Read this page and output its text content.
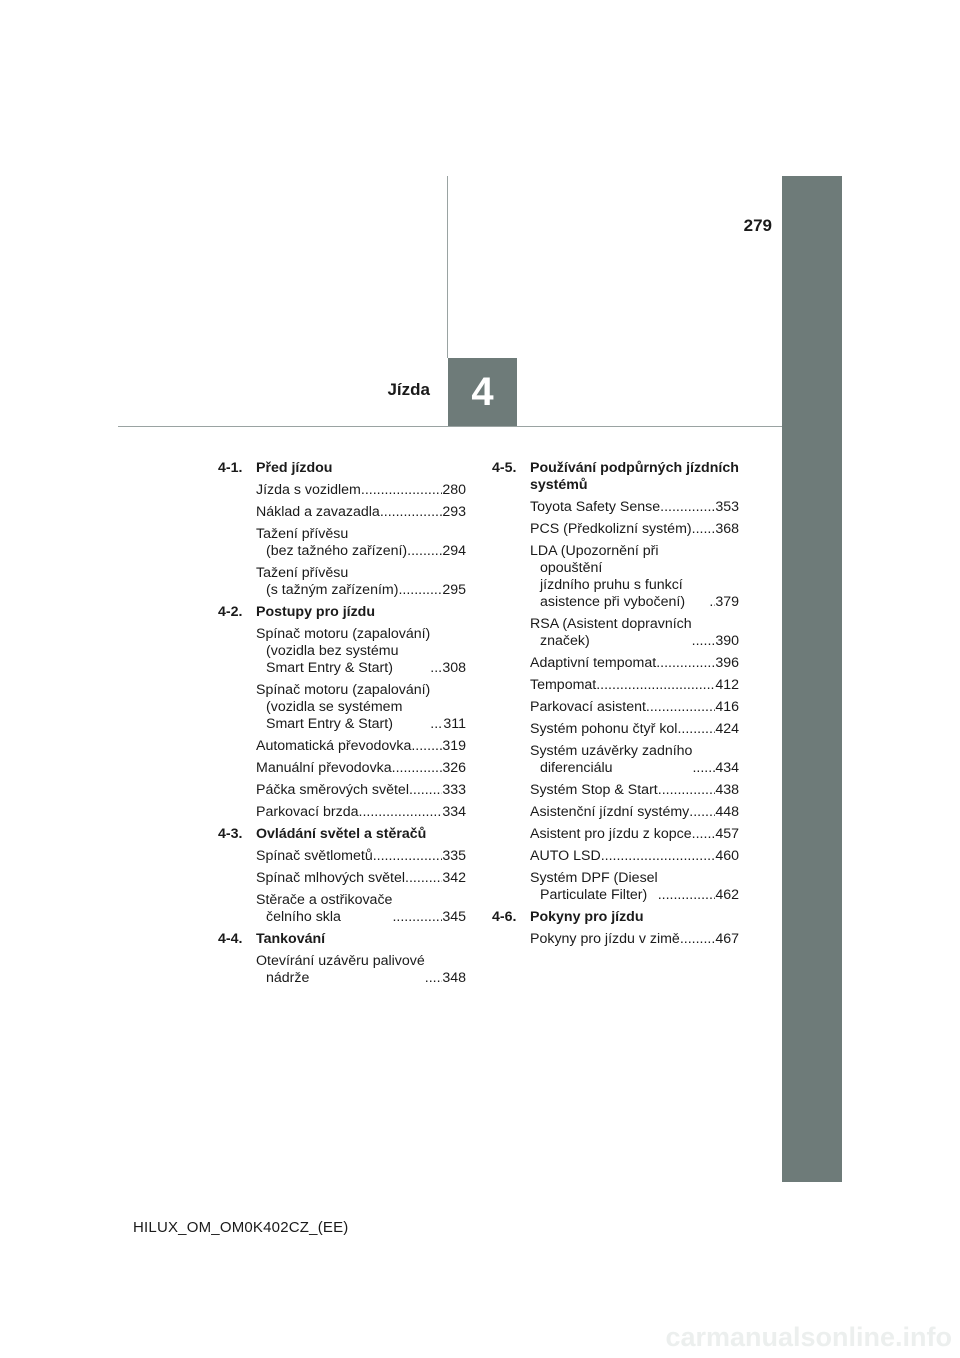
279
4
Jízda
4-1. Před jízdou
Jízda s vozidlem .....	280
Náklad a zavazadla .....	293
Tažení přívěsu
(bez tažného zařízení) ..... 294
Tažení přívěsu
(s tažným zařízením) .....	295
4-2. Postupy pro jízdu
Spínač motoru (zapalování)
(vozidla bez systému
Smart Entry & Start) .....	308
Spínač motoru (zapalování)
(vozidla se systémem
Smart Entry & Start) .....	311
Automatická převodovka ..... 319
Manuální převodovka .....	326
Páčka směrových světel ..... 333
Parkovací brzda .....	334
4-3. Ovládání světel a stěračů
Spínač světlometů .....	335
Spínač mlhových světel .....	342
Stěrače a ostřikovače
čelního skla .....	345
4-4. Tankování
Otevírání uzávěru palivové
nádrže .....	348
4-5. Používání podpůrných jízdních systémů
Toyota Safety Sense .....	353
PCS (Předkolizní systém) ..... 368
LDA (Upozornění při opouštění
jízdního pruhu s funkcí
asistence při vybočení) .....	379
RSA (Asistent dopravních
značek) .....	390
Adaptivní tempomat .....	396
Tempomat .....	412
Parkovací asistent .....	416
Systém pohonu čtyř kol .....	424
Systém uzávěrky zadního
diferenciálu .....	434
Systém Stop & Start .....	438
Asistenční jízdní systémy ..... 448
Asistent pro jízdu z kopce ..... 457
AUTO LSD .....	460
Systém DPF (Diesel
Particulate Filter) .....	462
4-6. Pokyny pro jízdu
Pokyny pro jízdu v zimě .....	467
HILUX_OM_OM0K402CZ_(EE)
carmanualsonline.info
